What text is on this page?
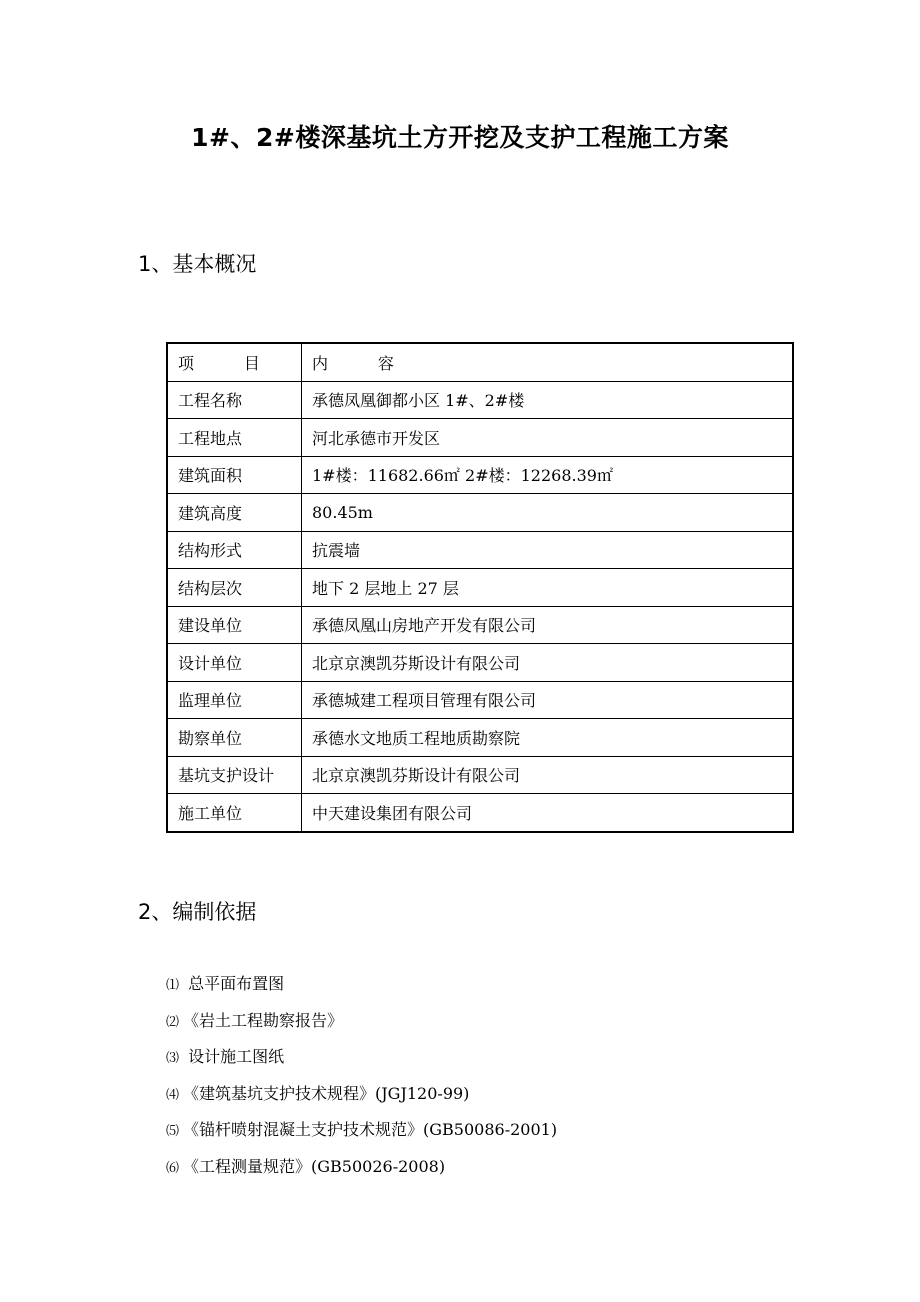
1#、2#楼深基坑土方开挖及支护工程施工方案
1、基本概况
项 目	内 容
工程名称	承德凤凰御都小区 1#、2#楼
工程地点	河北承德市开发区
建筑面积	1#楼：11682.66㎡ 2#楼：12268.39㎡
建筑高度	80.45m
结构形式	抗震墙
结构层次	地下 2 层地上 27 层
建设单位	承德凤凰山房地产开发有限公司
设计单位	北京京澳凯芬斯设计有限公司
监理单位	承德城建工程项目管理有限公司
勘察单位	承德水文地质工程地质勘察院
基坑支护设计	北京京澳凯芬斯设计有限公司
施工单位	中天建设集团有限公司
2、编制依据
⑴ 总平面布置图
⑵ 《岩土工程勘察报告》
⑶ 设计施工图纸
⑷ 《建筑基坑支护技术规程》(JGJ120-99)
⑸ 《锚杆喷射混凝土支护技术规范》(GB50086-2001)
⑹ 《工程测量规范》(GB50026-2008)
